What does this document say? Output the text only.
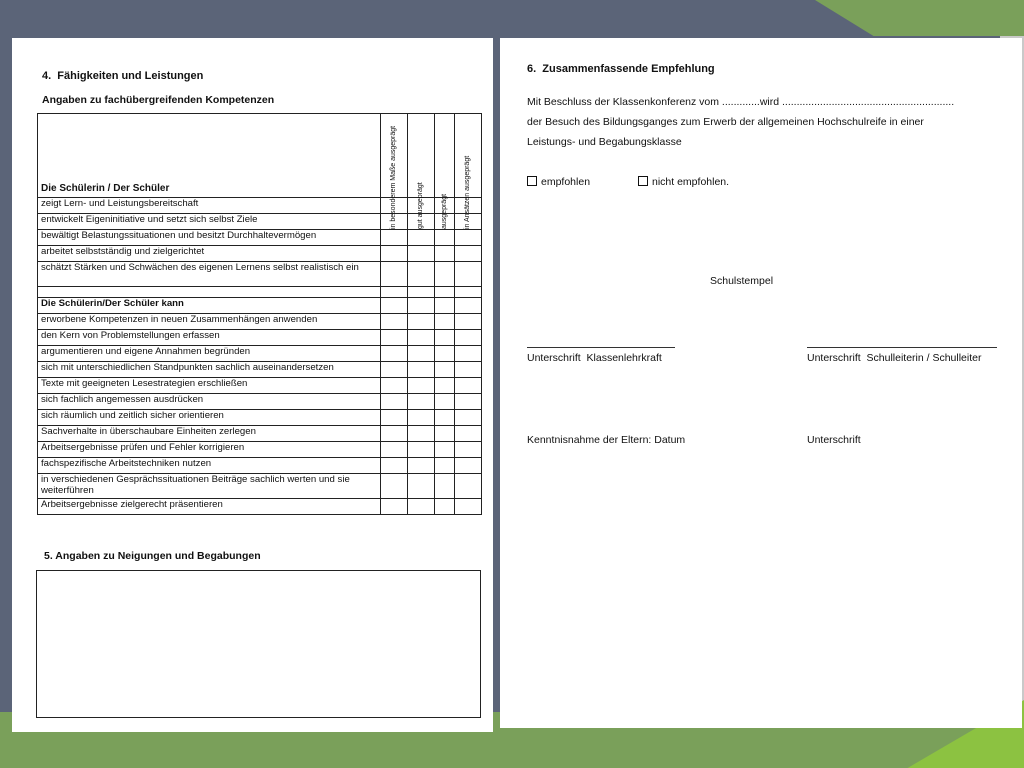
4.  Fähigkeiten und Leistungen
Angaben zu fachübergreifenden Kompetenzen
Die Schülerin / Der Schüler	in besonderem Maße ausgeprägt	gut ausgeprägt	ausgeprägt	in Ansätzen ausgeprägt

zeigt Lern- und Leistungsbereitschaft				
entwickelt Eigeninitiative und setzt sich selbst Ziele				
bewältigt Belastungssituationen und besitzt Durchhaltevermögen				
arbeitet selbstständig und zielgerichtet				
schätzt Stärken und Schwächen des eigenen Lernens selbst realistisch ein				

Die Schülerin/Der Schüler kann				
erworbene Kompetenzen in neuen Zusammenhängen anwenden				
den Kern von Problemstellungen erfassen				
argumentieren und eigene Annahmen begründen				
sich mit unterschiedlichen Standpunkten sachlich auseinandersetzen				
Texte mit geeigneten Lesestrategien erschließen				
sich fachlich angemessen ausdrücken				
sich räumlich und zeitlich sicher orientieren				
Sachverhalte in überschaubare Einheiten zerlegen				
Arbeitsergebnisse prüfen und Fehler korrigieren				
fachspezifische Arbeitstechniken nutzen				
in verschiedenen Gesprächssituationen Beiträge sachlich werten und sie weiterführen				
Arbeitsergebnisse zielgerecht präsentieren				
5. Angaben zu Neigungen und Begabungen
6.  Zusammenfassende Empfehlung
Mit Beschluss der Klassenkonferenz vom .............wird ...........................................................
der Besuch des Bildungsganges zum Erwerb der allgemeinen Hochschulreife in einer
Leistungs- und Begabungsklasse
empfohlen	nicht empfohlen.
Schulstempel
Unterschrift  Klassenlehrkraft	Unterschrift  Schulleiterin / Schulleiter
Kenntnisnahme der Eltern: Datum	Unterschrift
